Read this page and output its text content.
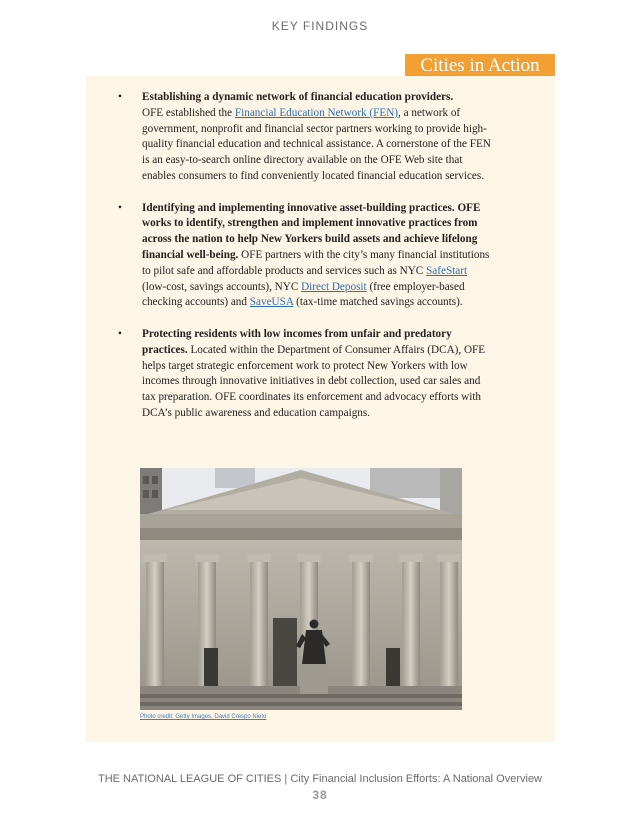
KEY FINDINGS
Cities in Action
• Establishing a dynamic network of financial education providers.
OFE established the Financial Education Network (FEN), a network of government, nonprofit and financial sector partners working to provide high-quality financial education and technical assistance. A cornerstone of the FEN is an easy-to-search online directory available on the OFE Web site that enables consumers to find conveniently located financial education services.
• Identifying and implementing innovative asset-building practices. OFE works to identify, strengthen and implement innovative practices from across the nation to help New Yorkers build assets and achieve lifelong financial well-being. OFE partners with the city’s many financial institutions to pilot safe and affordable products and services such as NYC SafeStart (low-cost, savings accounts), NYC Direct Deposit (free employer-based checking accounts) and SaveUSA (tax-time matched savings accounts).
• Protecting residents with low incomes from unfair and predatory practices. Located within the Department of Consumer Affairs (DCA), OFE helps target strategic enforcement work to protect New Yorkers with low incomes through innovative initiatives in debt collection, used car sales and tax preparation. OFE coordinates its enforcement and advocacy efforts with DCA’s public awareness and education campaigns.
Photo credit: Getty Images, David Crespo Nieto
THE NATIONAL LEAGUE OF CITIES | City Financial Inclusion Efforts: A National Overview
38
